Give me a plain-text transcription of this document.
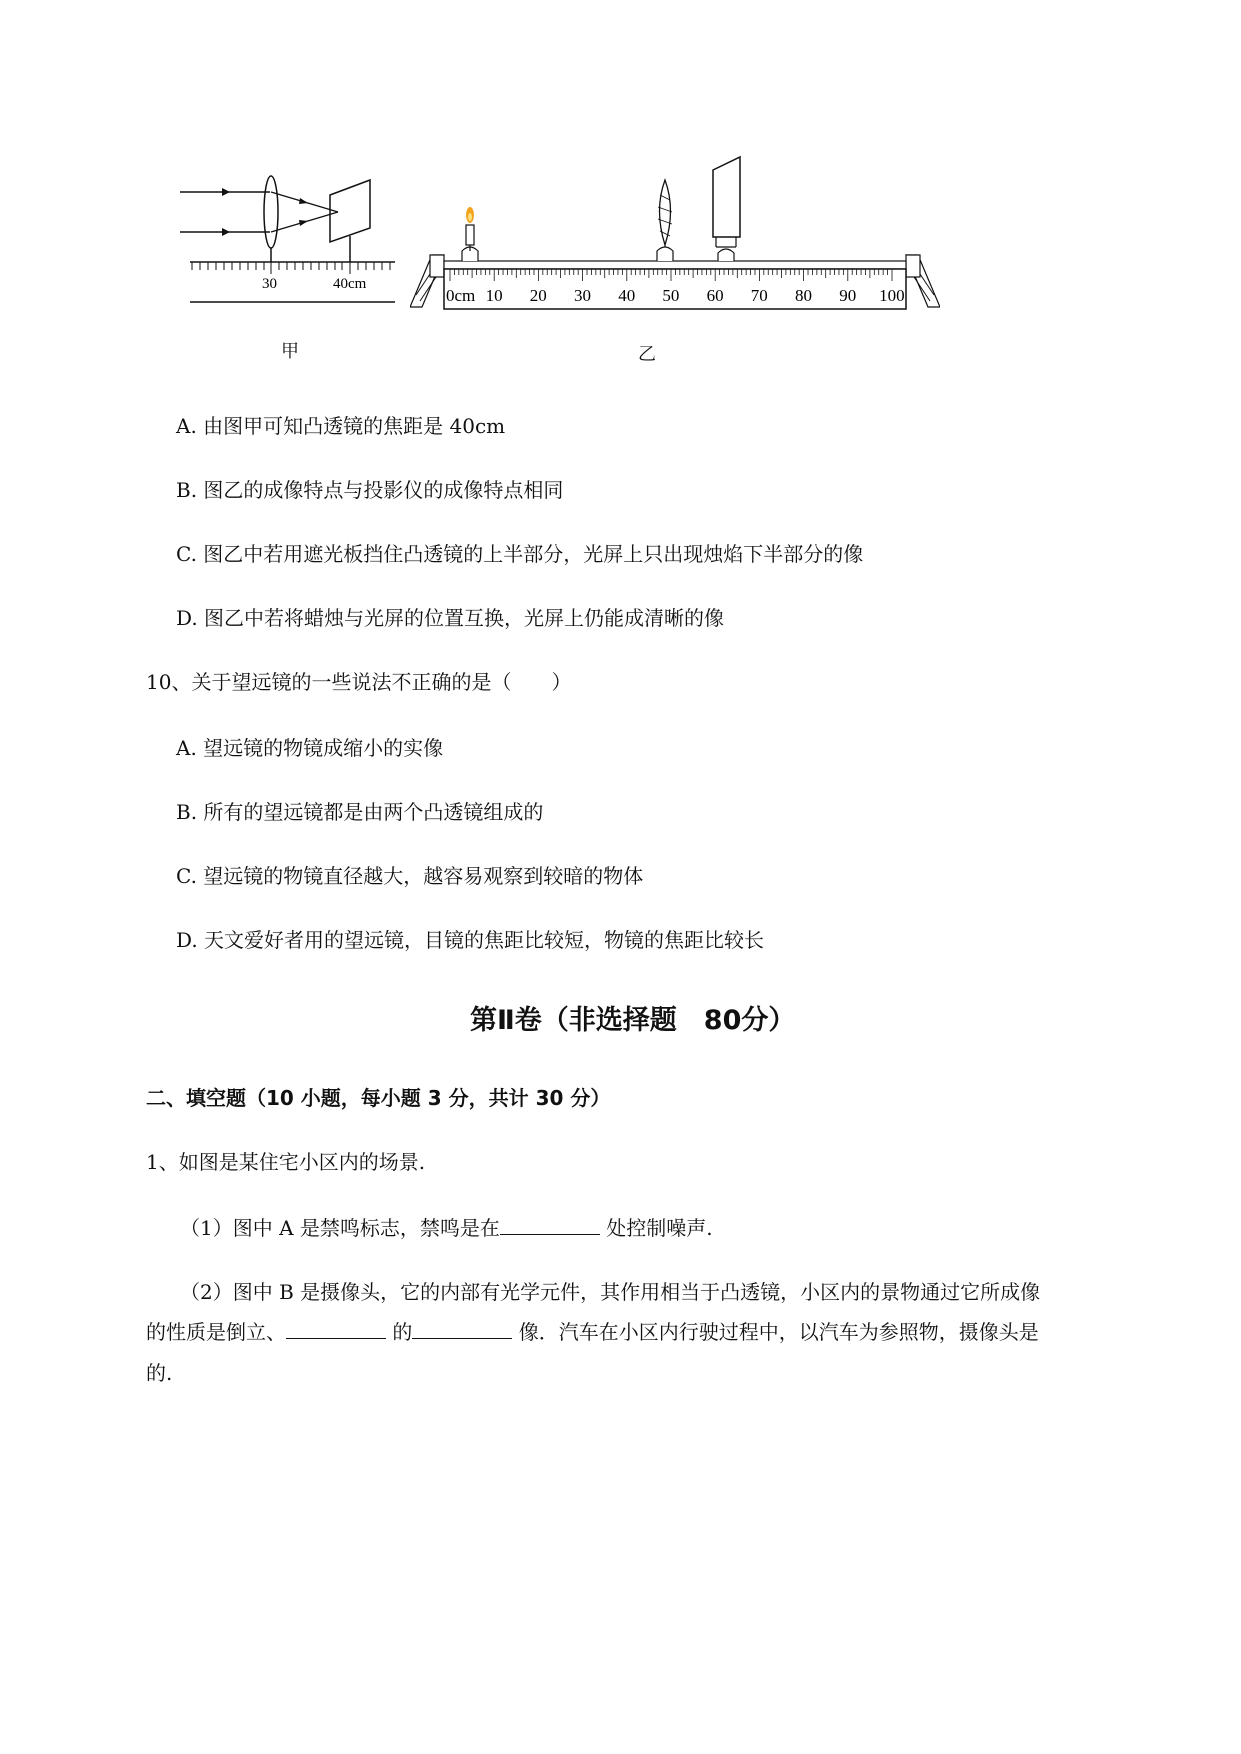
30	40cm
甲
0cm 10 20 30 40 50 60 70 80 90 100
乙
A. 由图甲可知凸透镜的焦距是 40cm
B. 图乙的成像特点与投影仪的成像特点相同
C. 图乙中若用遮光板挡住凸透镜的上半部分，光屏上只出现烛焰下半部分的像
D. 图乙中若将蜡烛与光屏的位置互换，光屏上仍能成清晰的像
10、关于望远镜的一些说法不正确的是（　　）
A. 望远镜的物镜成缩小的实像
B. 所有的望远镜都是由两个凸透镜组成的
C. 望远镜的物镜直径越大，越容易观察到较暗的物体
D. 天文爱好者用的望远镜，目镜的焦距比较短，物镜的焦距比较长
第Ⅱ卷（非选择题　80分）
二、填空题（10 小题，每小题 3 分，共计 30 分）
1、如图是某住宅小区内的场景.
（1）图中 A 是禁鸣标志，禁鸣是在	处控制噪声.
（2）图中 B 是摄像头，它的内部有光学元件，其作用相当于凸透镜，小区内的景物通过它所成像
的性质是倒立、	的	像．汽车在小区内行驶过程中，以汽车为参照物，摄像头是
的.
